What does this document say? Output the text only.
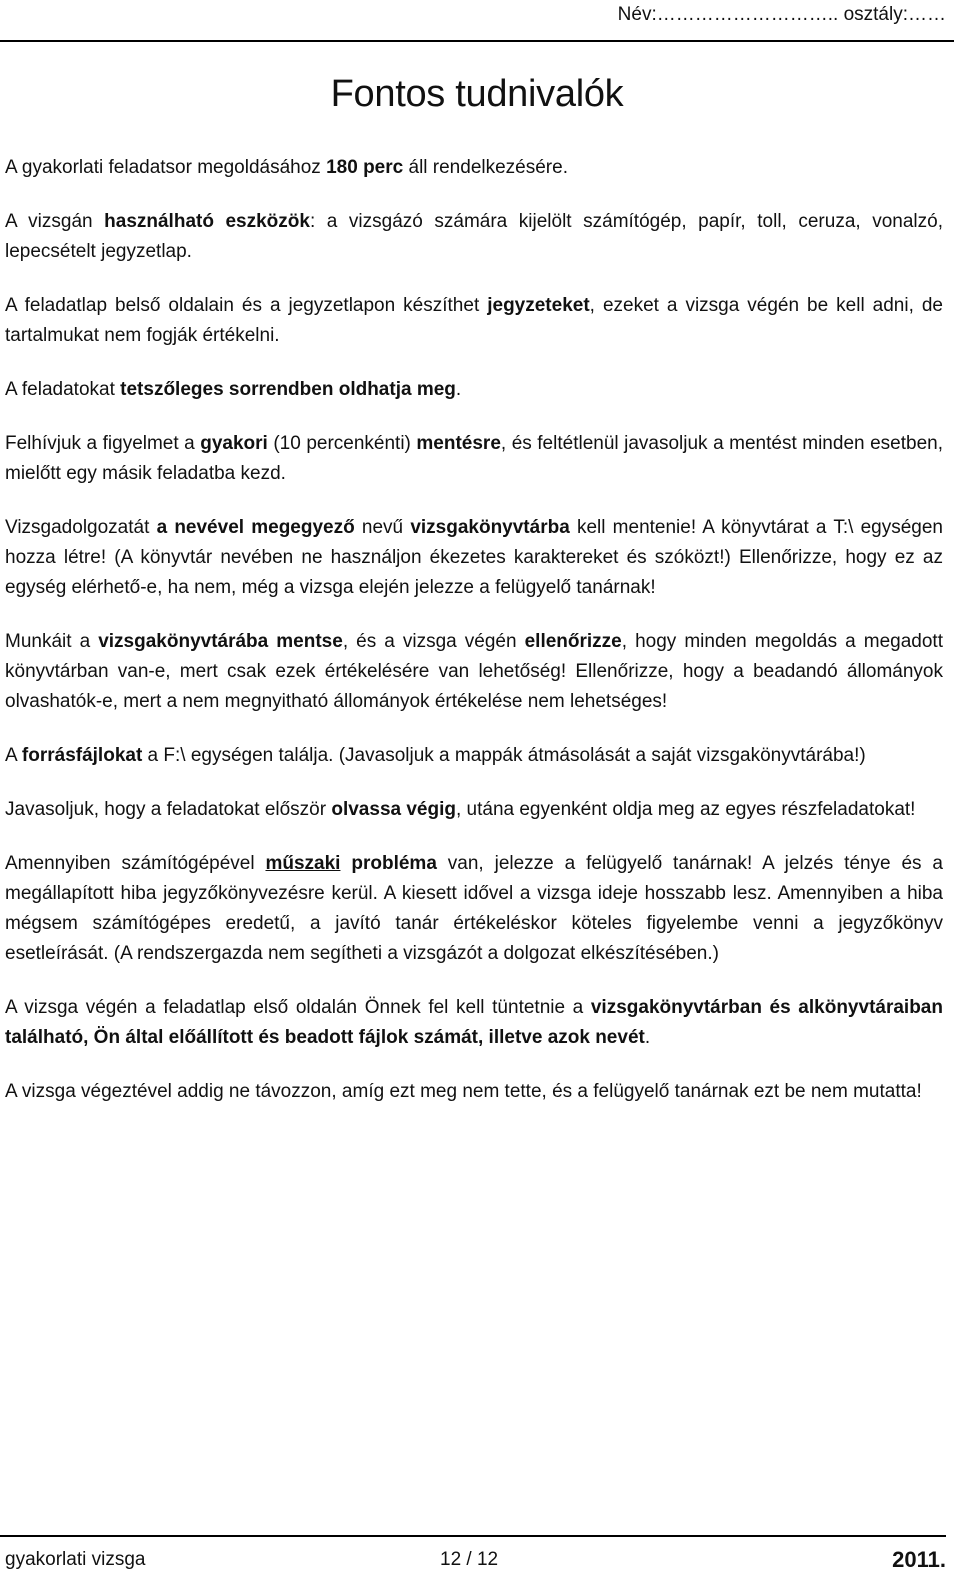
Név:……………………….. osztály:……
Fontos tudnivalók

A gyakorlati feladatsor megoldásához 180 perc áll rendelkezésére.

A vizsgán használható eszközök: a vizsgázó számára kijelölt számítógép, papír, toll, ceruza, vonalzó, lepecsételt jegyzetlap.

A feladatlap belső oldalain és a jegyzetlapon készíthet jegyzeteket, ezeket a vizsga végén be kell adni, de tartalmukat nem fogják értékelni.

A feladatokat tetszőleges sorrendben oldhatja meg.

Felhívjuk a figyelmet a gyakori (10 percenkénti) mentésre, és feltétlenül javasoljuk a mentést minden esetben, mielőtt egy másik feladatba kezd.

Vizsgadolgozatát a nevével megegyező nevű vizsgakönyvtárba kell mentenie! A könyvtárat a T:\ egységen hozza létre! (A könyvtár nevében ne használjon ékezetes karaktereket és szóközt!) Ellenőrizze, hogy ez az egység elérhető-e, ha nem, még a vizsga elején jelezze a felügyelő tanárnak!

Munkáit a vizsgakönyvtárába mentse, és a vizsga végén ellenőrizze, hogy minden megoldás a megadott könyvtárban van-e, mert csak ezek értékelésére van lehetőség! Ellenőrizze, hogy a beadandó állományok olvashatók-e, mert a nem megnyitható állományok értékelése nem lehetséges!

A forrásfájlokat a F:\ egységen találja. (Javasoljuk a mappák átmásolását a saját vizsgakönyvtárába!)

Javasoljuk, hogy a feladatokat először olvassa végig, utána egyenként oldja meg az egyes részfeladatokat!

Amennyiben számítógépével műszaki probléma van, jelezze a felügyelő tanárnak! A jelzés ténye és a megállapított hiba jegyzőkönyvezésre kerül. A kiesett idővel a vizsga ideje hosszabb lesz. Amennyiben a hiba mégsem számítógépes eredetű, a javító tanár értékeléskor köteles figyelembe venni a jegyzőkönyv esetleírását. (A rendszergazda nem segítheti a vizsgázót a dolgozat elkészítésében.)

A vizsga végén a feladatlap első oldalán Önnek fel kell tüntetnie a vizsgakönyvtárban és alkönyvtáraiban található, Ön által előállított és beadott fájlok számát, illetve azok nevét.

A vizsga végeztével addig ne távozzon, amíg ezt meg nem tette, és a felügyelő tanárnak ezt be nem mutatta!

gyakorlati vizsga	12 / 12	2011.
